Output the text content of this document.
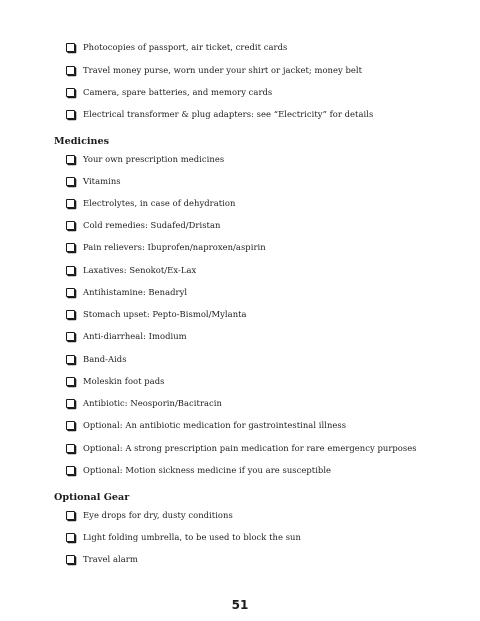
Photocopies of passport, air ticket, credit cards
Travel money purse, worn under your shirt or jacket; money belt
Camera, spare batteries, and memory cards
Electrical transformer & plug adapters: see “Electricity” for details
Medicines
Your own prescription medicines
Vitamins
Electrolytes, in case of dehydration
Cold remedies: Sudafed/Dristan
Pain relievers: Ibuprofen/naproxen/aspirin
Laxatives: Senokot/Ex-Lax
Antihistamine: Benadryl
Stomach upset: Pepto-Bismol/Mylanta
Anti-diarrheal: Imodium
Band-Aids
Moleskin foot pads
Antibiotic: Neosporin/Bacitracin
Optional: An antibiotic medication for gastrointestinal illness
Optional: A strong prescription pain medication for rare emergency purposes
Optional: Motion sickness medicine if you are susceptible
Optional Gear
Eye drops for dry, dusty conditions
Light folding umbrella, to be used to block the sun
Travel alarm
51
